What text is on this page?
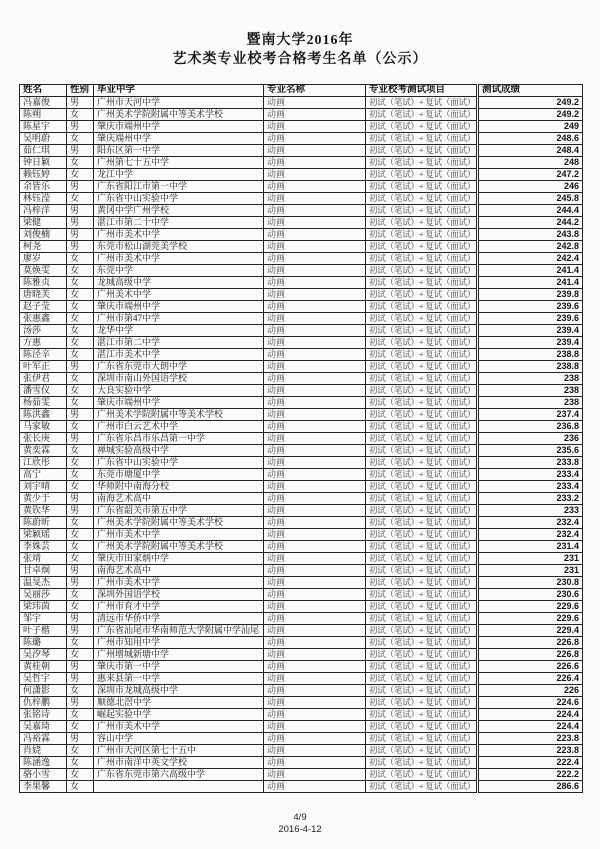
暨南大学2016年
艺术类专业校考合格考生名单（公示）
姓名	性别	毕业中学	专业名称	专业校考测试项目	测试成绩
冯嘉俊	男	广州市天河中学	动画	初试（笔试）+ 复试（面试）	249.2
陈朔	女	广州美术学院附属中等美术学校	动画	初试（笔试）+ 复试（面试）	249.2
陈星宇	男	肇庆市端州中学	动画	初试（笔试）+ 复试（面试）	249
吴明蔚	女	肇庆端州中学	动画	初试（笔试）+ 复试（面试）	248.6
茹仁琪	男	阳东区第一中学	动画	初试（笔试）+ 复试（面试）	248.4
钟日颖	女	广州第七十五中学	动画	初试（笔试）+ 复试（面试）	248
赖钰婷	女	龙江中学	动画	初试（笔试）+ 复试（面试）	247.2
余皆乐	男	广东省阳江市第一中学	动画	初试（笔试）+ 复试（面试）	246
林钰滢	女	广东省中山实验中学	动画	初试（笔试）+ 复试（面试）	245.8
冯梓洋	男	黄冈中学广州学校	动画	初试（笔试）+ 复试（面试）	244.4
梁健	男	湛江市第二十中学	动画	初试（笔试）+ 复试（面试）	244.2
刘俊楠	男	广州市美术中学	动画	初试（笔试）+ 复试（面试）	243.8
柯尧	男	东莞市松山湖莞美学校	动画	初试（笔试）+ 复试（面试）	242.8
廖岁	女	广州市美术中学	动画	初试（笔试）+ 复试（面试）	242.4
莫焕雯	女	东莞中学	动画	初试（笔试）+ 复试（面试）	241.4
陈雅贞	女	龙城高级中学	动画	初试（笔试）+ 复试（面试）	241.4
唐晓芙	女	广州美术中学	动画	初试（笔试）+ 复试（面试）	239.8
赵子莹	女	肇庆市端州中学	动画	初试（笔试）+ 复试（面试）	239.6
张惠鑫	女	广州市第47中学	动画	初试（笔试）+ 复试（面试）	239.6
汤莎	女	龙华中学	动画	初试（笔试）+ 复试（面试）	239.4
方惠	女	湛江市第二中学	动画	初试（笔试）+ 复试（面试）	239.4
陈泾辛	女	湛江市美术中学	动画	初试（笔试）+ 复试（面试）	238.8
叶军正	男	广东省东莞市大朗中学	动画	初试（笔试）+ 复试（面试）	238.8
张伊君	女	深圳市南山外国语学校	动画	初试（笔试）+ 复试（面试）	238
潘雪仪	女	大良实验中学	动画	初试（笔试）+ 复试（面试）	238
杨茹雯	女	肇庆市端州中学	动画	初试（笔试）+ 复试（面试）	238
陈洪鑫	男	广州美术学院附属中等美术学校	动画	初试（笔试）+ 复试（面试）	237.4
马家敏	女	广州市白云艺术中学	动画	初试（笔试）+ 复试（面试）	236.8
张长庚	男	广东省乐昌市乐昌第一中学	动画	初试（笔试）+ 复试（面试）	236
黄奕霖	女	禅城实验高级中学	动画	初试（笔试）+ 复试（面试）	235.6
江欣彤	女	广东省中山实验中学	动画	初试（笔试）+ 复试（面试）	233.8
高宁	女	东莞市塘厦中学	动画	初试（笔试）+ 复试（面试）	233.4
刘宇晴	女	华师附中南海分校	动画	初试（笔试）+ 复试（面试）	233.4
黄少于	男	南海艺术高中	动画	初试（笔试）+ 复试（面试）	233.2
黄钦华	男	广东省韶关市第五中学	动画	初试（笔试）+ 复试（面试）	233
陈蔚昕	女	广州美术学院附属中等美术学校	动画	初试（笔试）+ 复试（面试）	232.4
梁颖瑶	女	广州市美术中学	动画	初试（笔试）+ 复试（面试）	232.4
李姝芸	女	广州美术学院附属中等美术学校	动画	初试（笔试）+ 复试（面试）	231.4
张靖	女	肇庆市田家炳中学	动画	初试（笔试）+ 复试（面试）	231
甘卓炯	男	南海艺术高中	动画	初试（笔试）+ 复试（面试）	231
温旻杰	男	广州市美术中学	动画	初试（笔试）+ 复试（面试）	230.8
吴丽莎	女	深圳外国语学校	动画	初试（笔试）+ 复试（面试）	230.6
梁玮茵	女	广州市育才中学	动画	初试（笔试）+ 复试（面试）	229.6
邹宇	男	清远市华侨中学	动画	初试（笔试）+ 复试（面试）	229.6
叶子楷	男	广东省汕尾市华南师范大学附属中学汕尾	动画	初试（笔试）+ 复试（面试）	229.4
陈璐	女	广州市知用中学	动画	初试（笔试）+ 复试（面试）	226.8
吴汐琴	女	广州增城新塘中学	动画	初试（笔试）+ 复试（面试）	226.8
黄桂朝	男	肇庆市第一中学	动画	初试（笔试）+ 复试（面试）	226.6
吴哲宇	男	惠来县第一中学	动画	初试（笔试）+ 复试（面试）	226.4
何潇影	女	深圳市龙城高级中学	动画	初试（笔试）+ 复试（面试）	226
仇梓鹏	男	顺德北滘中学	动画	初试（笔试）+ 复试（面试）	224.6
张铭诗	女	崛起实验中学	动画	初试（笔试）+ 复试（面试）	224.4
吴嘉琦	女	广州市美术中学	动画	初试（笔试）+ 复试（面试）	224.4
冯裕霖	男	容山中学	动画	初试（笔试）+ 复试（面试）	223.8
肖娆	女	广州市天河区第七十五中	动画	初试（笔试）+ 复试（面试）	223.8
陈涵逸	女	广州市南洋中英文学校	动画	初试（笔试）+ 复试（面试）	222.4
骆小雪	女	广东省东莞市第六高级中学	动画	初试（笔试）+ 复试（面试）	222.2
李果馨	女		动画	初试（笔试）+ 复试（面试）	286.6
4/9
2016-4-12
